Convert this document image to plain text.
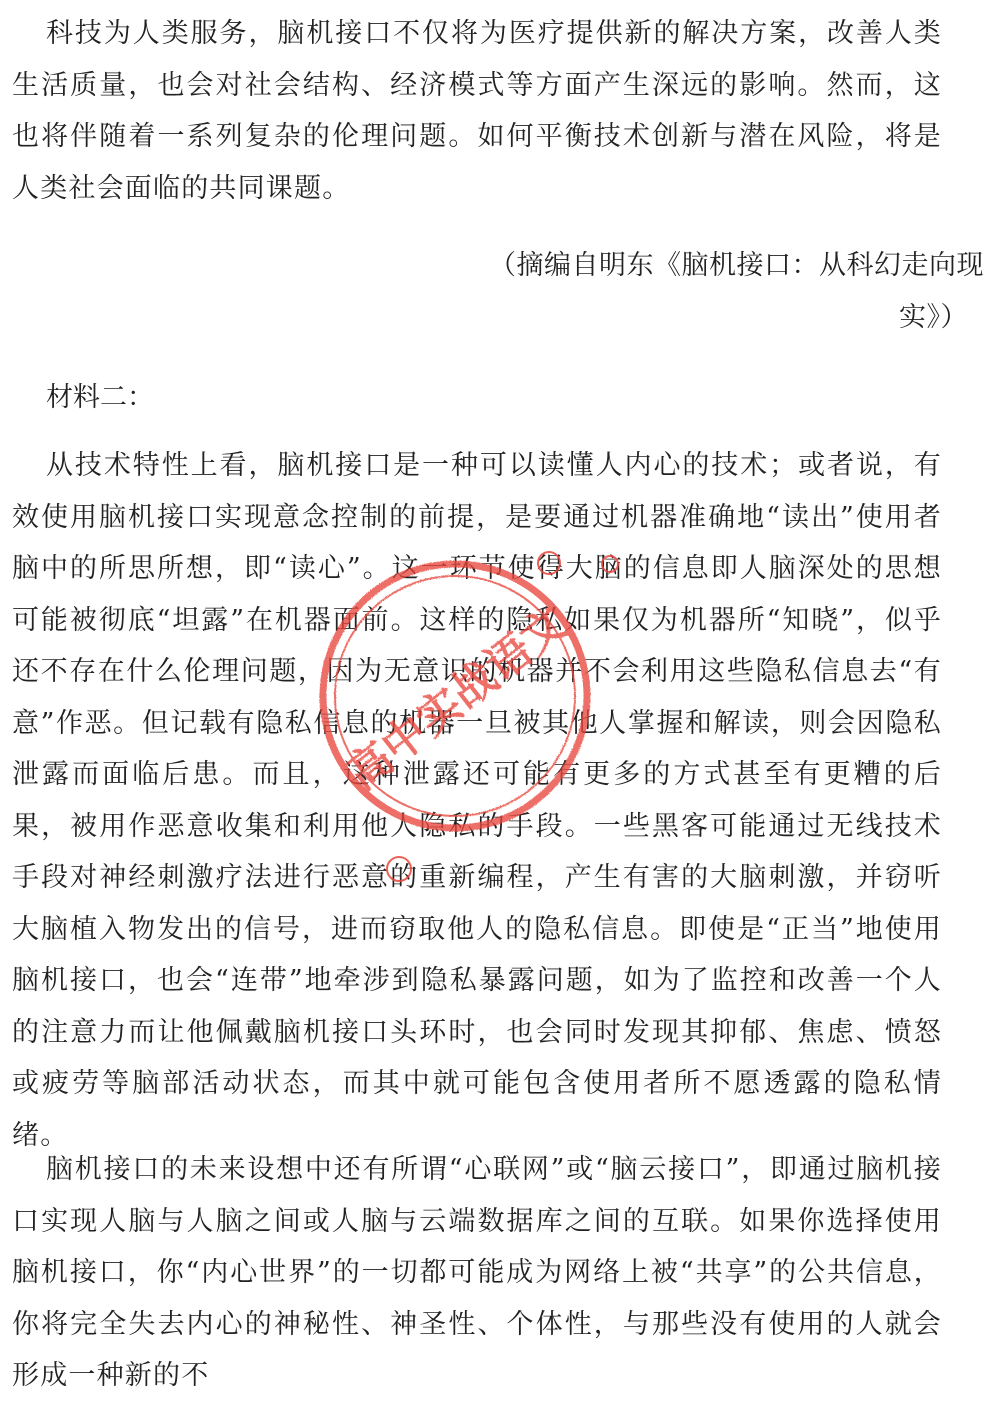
科技为人类服务，脑机接口不仅将为医疗提供新的解决方案，改善人类生活质量，也会对社会结构、经济模式等方面产生深远的影响。然而，这也将伴随着一系列复杂的伦理问题。如何平衡技术创新与潜在风险，将是人类社会面临的共同课题。

（摘编自明东《脑机接口：从科幻走向现
实》）

材料二：

从技术特性上看，脑机接口是一种可以读懂人内心的技术；或者说，有效使用脑机接口实现意念控制的前提，是要通过机器准确地“读出”使用者脑中的所思所想，即“读心”。这一环节使得大脑的信息即人脑深处的思想可能被彻底“坦露”在机器面前。这样的隐私如果仅为机器所“知晓”，似乎还不存在什么伦理问题，因为无意识的机器并不会利用这些隐私信息去“有意”作恶。但记载有隐私信息的机器一旦被其他人掌握和解读，则会因隐私泄露而面临后患。而且，这种泄露还可能有更多的方式甚至有更糟的后果，被用作恶意收集和利用他人隐私的手段。一些黑客可能通过无线技术手段对神经刺激疗法进行恶意的重新编程，产生有害的大脑刺激，并窃听大脑植入物发出的信号，进而窃取他人的隐私信息。即使是“正当”地使用脑机接口，也会“连带”地牵涉到隐私暴露问题，如为了监控和改善一个人的注意力而让他佩戴脑机接口头环时，也会同时发现其抑郁、焦虑、愤怒或疲劳等脑部活动状态，而其中就可能包含使用者所不愿透露的隐私情绪。

脑机接口的未来设想中还有所谓“心联网”或“脑云接口”，即通过脑机接口实现人脑与人脑之间或人脑与云端数据库之间的互联。如果你选择使用脑机接口，你“内心世界”的一切都可能成为网络上被“共享”的公共信息，你将完全失去内心的神秘性、神圣性、个体性，与那些没有使用的人就会形成一种新的不

高中实战语文
